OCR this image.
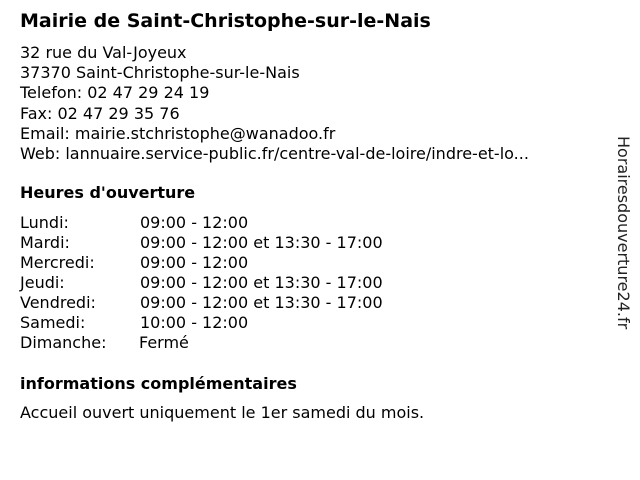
Mairie de Saint-Christophe-sur-le-Nais
32 rue du Val-Joyeux
37370 Saint-Christophe-sur-le-Nais
Telefon: 02 47 29 24 19
Fax: 02 47 29 35 76
Email: mairie.stchristophe@wanadoo.fr
Web: lannuaire.service-public.fr/centre-val-de-loire/indre-et-lo...
Heures d'ouverture
Lundi:	09:00 - 12:00
Mardi:	09:00 - 12:00 et 13:30 - 17:00
Mercredi:	09:00 - 12:00
Jeudi:	09:00 - 12:00 et 13:30 - 17:00
Vendredi:	09:00 - 12:00 et 13:30 - 17:00
Samedi:	10:00 - 12:00
Dimanche:	Fermé
informations complémentaires
Accueil ouvert uniquement le 1er samedi du mois.
Horairesdouverture24.fr
